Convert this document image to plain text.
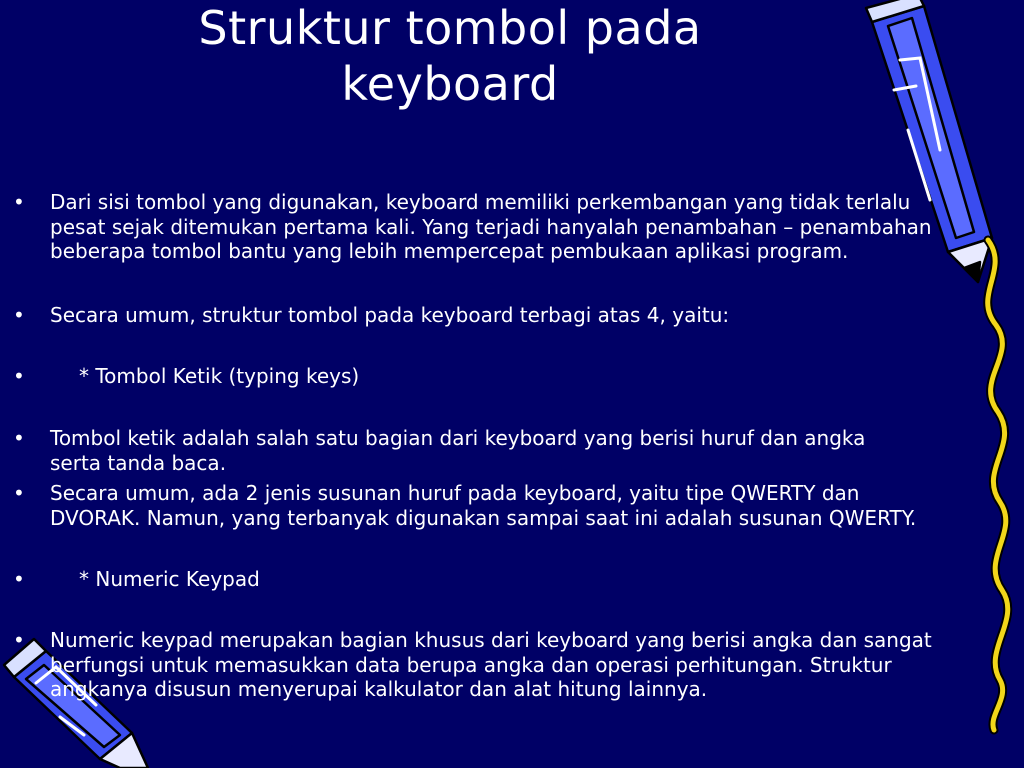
Struktur tombol pada
keyboard
• Dari sisi tombol yang digunakan, keyboard memiliki perkembangan yang tidak terlalu
pesat sejak ditemukan pertama kali. Yang terjadi hanyalah penambahan – penambahan
beberapa tombol bantu yang lebih mempercepat pembukaan aplikasi program.
• Secara umum, struktur tombol pada keyboard terbagi atas 4, yaitu:
•	* Tombol Ketik (typing keys)
• Tombol ketik adalah salah satu bagian dari keyboard yang berisi huruf dan angka
serta tanda baca.
• Secara umum, ada 2 jenis susunan huruf pada keyboard, yaitu tipe QWERTY dan
DVORAK. Namun, yang terbanyak digunakan sampai saat ini adalah susunan QWERTY.
•	* Numeric Keypad
• Numeric keypad merupakan bagian khusus dari keyboard yang berisi angka dan sangat
berfungsi untuk memasukkan data berupa angka dan operasi perhitungan. Struktur
angkanya disusun menyerupai kalkulator dan alat hitung lainnya.
